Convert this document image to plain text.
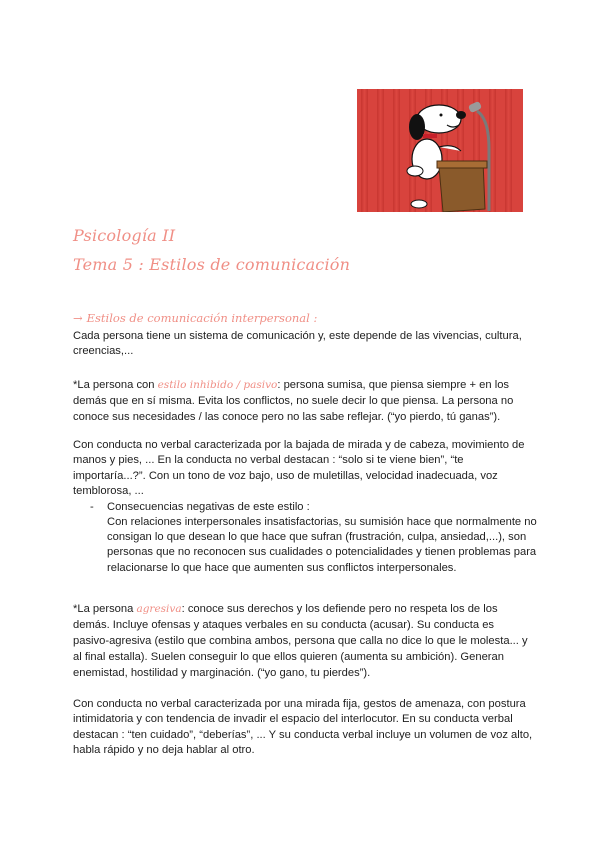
Psicología II
Tema 5 : Estilos de comunicación
→ Estilos de comunicación interpersonal :

Cada persona tiene un sistema de comunicación y, este depende de las vivencias, cultura, creencias,...

*La persona con estilo inhibido / pasivo: persona sumisa, que piensa siempre + en los demás que en sí misma. Evita los conflictos, no suele decir lo que piensa. La persona no conoce sus necesidades / las conoce pero no las sabe reflejar. (“yo pierdo, tú ganas”).

Con conducta no verbal caracterizada por la bajada de mirada y de cabeza, movimiento de manos y pies, ... En la conducta no verbal destacan : “solo si te viene bien”, “te importaría...?”. Con un tono de voz bajo, uso de muletillas, velocidad inadecuada, voz temblorosa, ...

- Consecuencias negativas de este estilo :
Con relaciones interpersonales insatisfactorias, su sumisión hace que normalmente no consigan lo que desean lo que hace que sufran (frustración, culpa, ansiedad,...), son personas que no reconocen sus cualidades o potencialidades y tienen problemas para relacionarse lo que hace que aumenten sus conflictos interpersonales.

*La persona agresiva: conoce sus derechos y los defiende pero no respeta los de los demás. Incluye ofensas y ataques verbales en su conducta (acusar). Su conducta es pasivo-agresiva (estilo que combina ambos, persona que calla no dice lo que le molesta... y al final estalla). Suelen conseguir lo que ellos quieren (aumenta su ambición). Generan enemistad, hostilidad y marginación. (“yo gano, tu pierdes”).

Con conducta no verbal caracterizada por una mirada fija, gestos de amenaza, con postura intimidatoria y con tendencia de invadir el espacio del interlocutor. En su conducta verbal destacan : “ten cuidado”, “deberías”, ... Y su conducta verbal incluye un volumen de voz alto, habla rápido y no deja hablar al otro.
